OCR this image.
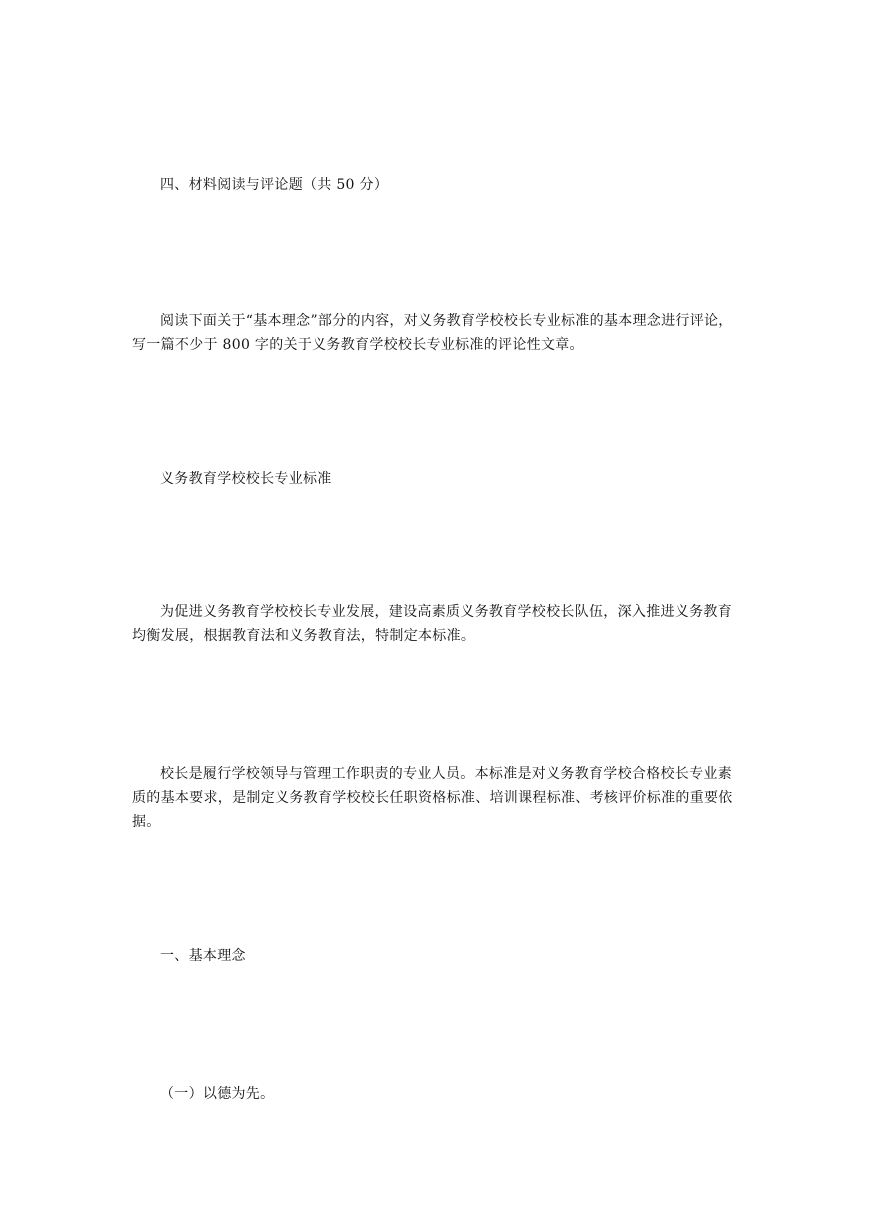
四、材料阅读与评论题（共 50 分）

阅读下面关于“基本理念”部分的内容，对义务教育学校校长专业标准的基本理念进行评论，写一篇不少于 800 字的关于义务教育学校校长专业标准的评论性文章。

义务教育学校校长专业标准

为促进义务教育学校校长专业发展，建设高素质义务教育学校校长队伍，深入推进义务教育均衡发展，根据教育法和义务教育法，特制定本标准。

校长是履行学校领导与管理工作职责的专业人员。本标准是对义务教育学校合格校长专业素质的基本要求，是制定义务教育学校校长任职资格标准、培训课程标准、考核评价标准的重要依据。

一、基本理念

（一）以德为先。
